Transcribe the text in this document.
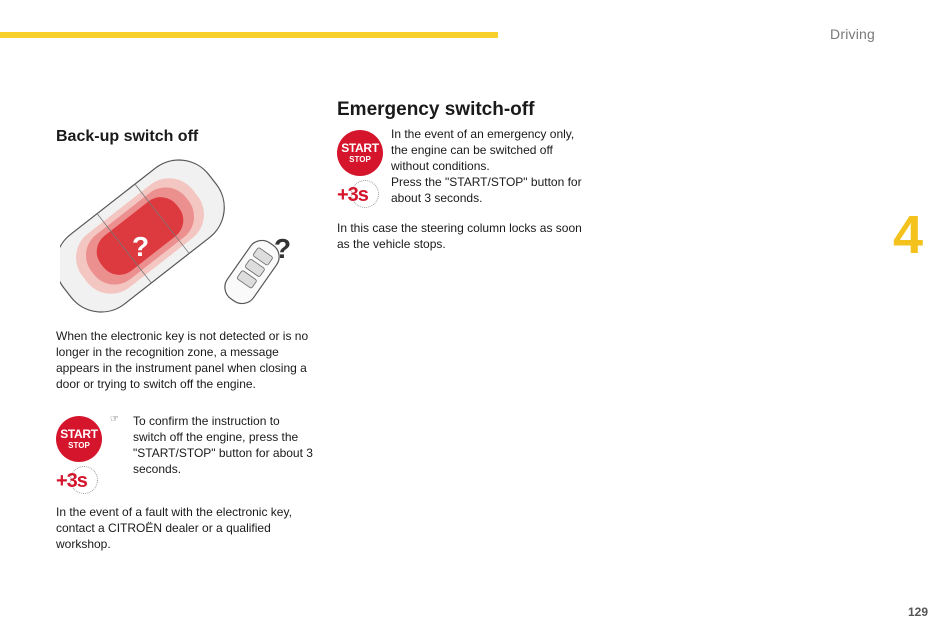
Driving
4
129
Back-up switch off
?	?

When the electronic key is not detected or is no longer in the recognition zone, a message appears in the instrument panel when closing a door or trying to switch off the engine.

START
STOP
+3s
☞ To confirm the instruction to switch off the engine, press the "START/STOP" button for about 3 seconds.

In the event of a fault with the electronic key, contact a CITROËN dealer or a qualified workshop.

Emergency switch-off
START
STOP
+3s

In the event of an emergency only, the engine can be switched off without conditions.

Press the "START/STOP" button for about 3 seconds.

In this case the steering column locks as soon as the vehicle stops.
